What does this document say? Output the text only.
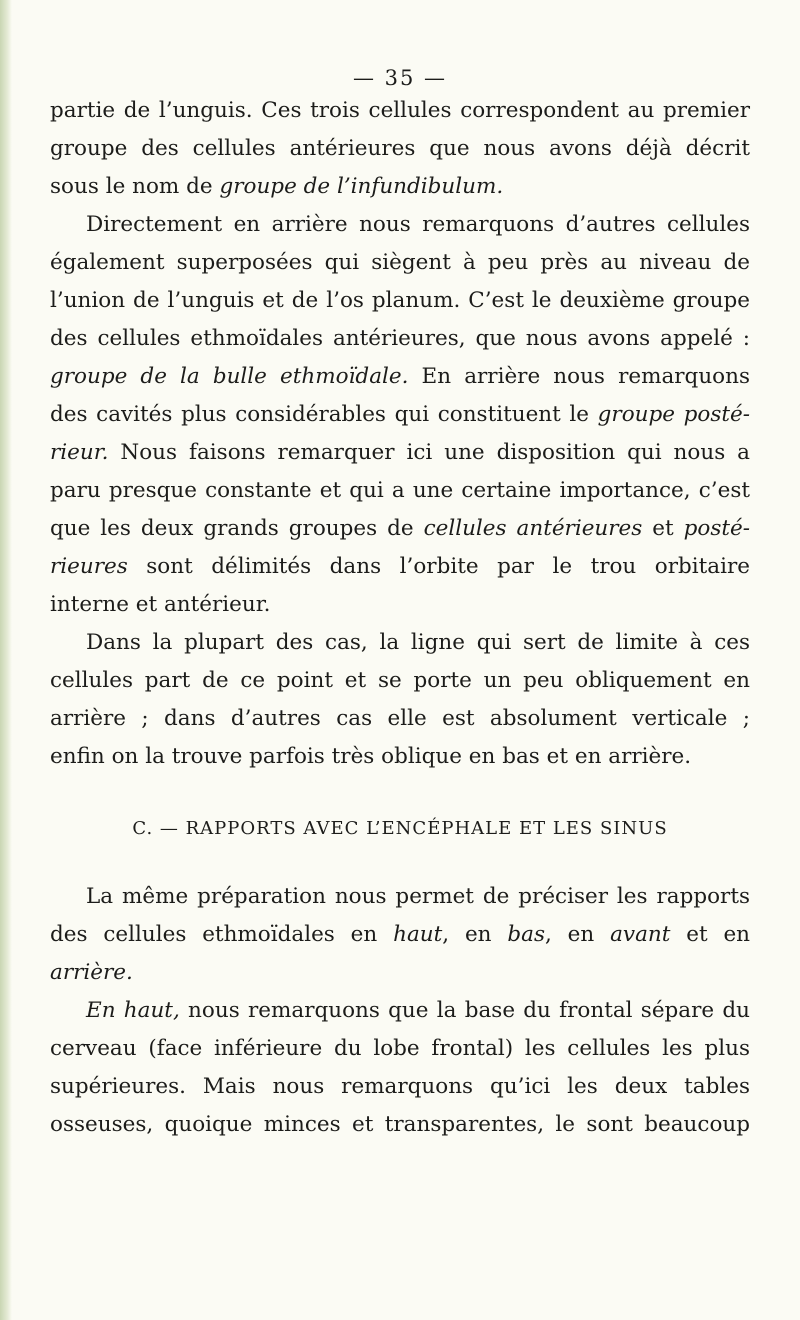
— 35 —

partie de l’unguis. Ces trois cellules correspondent au premier
groupe des cellules antérieures que nous avons déjà décrit
sous le nom de groupe de l’infundibulum.

Directement en arrière nous remarquons d’autres cellules
également superposées qui siègent à peu près au niveau de
l’union de l’unguis et de l’os planum. C’est le deuxième groupe
des cellules ethmoïdales antérieures, que nous avons appelé :
groupe de la bulle ethmoïdale. En arrière nous remarquons
des cavités plus considérables qui constituent le groupe posté-
rieur. Nous faisons remarquer ici une disposition qui nous a
paru presque constante et qui a une certaine importance, c’est
que les deux grands groupes de cellules antérieures et posté-
rieures sont délimités dans l’orbite par le trou orbitaire
interne et antérieur.

Dans la plupart des cas, la ligne qui sert de limite à ces
cellules part de ce point et se porte un peu obliquement en
arrière ; dans d’autres cas elle est absolument verticale ;
enfin on la trouve parfois très oblique en bas et en arrière.

C. — RAPPORTS AVEC L’ENCÉPHALE ET LES SINUS

La même préparation nous permet de préciser les rapports
des cellules ethmoïdales en haut, en bas, en avant et en
arrière.

En haut, nous remarquons que la base du frontal sépare du
cerveau (face inférieure du lobe frontal) les cellules les plus
supérieures. Mais nous remarquons qu’ici les deux tables
osseuses, quoique minces et transparentes, le sont beaucoup
